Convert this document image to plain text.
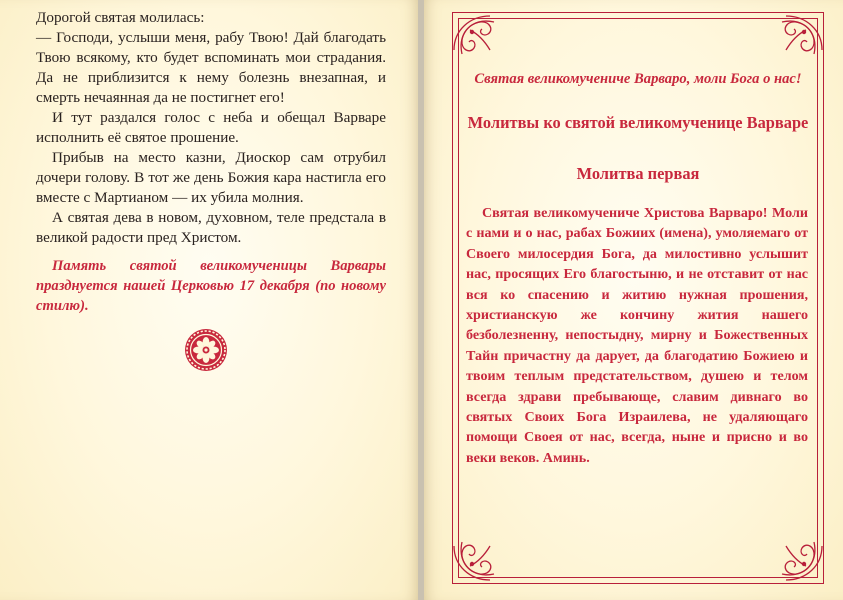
Дорогой святая молилась:

— Господи, услыши меня, рабу Твою! Дай благодать Твою всякому, кто будет вспоминать мои страдания. Да не приблизится к нему болезнь внезапная, и смерть нечаянная да не постигнет его!

И тут раздался голос с неба и обещал Варваре исполнить её святое прошение.

Прибыв на место казни, Диоскор сам отрубил дочери голову. В тот же день Божия кара настигла его вместе с Мартианом — их убила молния.

А святая дева в новом, духовном, теле предстала в великой радости пред Христом.

Память святой великомученицы Варвары празднуется нашей Церковью 17 декабря (по новому стилю).
Святая великомучениче Варваро, моли Бога о нас!
Молитвы ко святой великомученице Варваре
Молитва первая
Святая великомучениче Христова Варваро! Моли с нами и о нас, рабах Божиих (имена), умоляемаго от Своего милосердия Бога, да милостивно услышит нас, просящих Его благостыню, и не отставит от нас вся ко спасению и житию нужная прошения, христианскую же кончину жития нашего безболезненну, непостыдну, мирну и Божественных Тайн причастну да дарует, да благодатию Божиею и твоим теплым предстательством, душею и телом всегда здрави пребывающе, славим дивнаго во святых Своих Бога Израилева, не удаляющаго помощи Своея от нас, всегда, ныне и присно и во веки веков. Аминь.
